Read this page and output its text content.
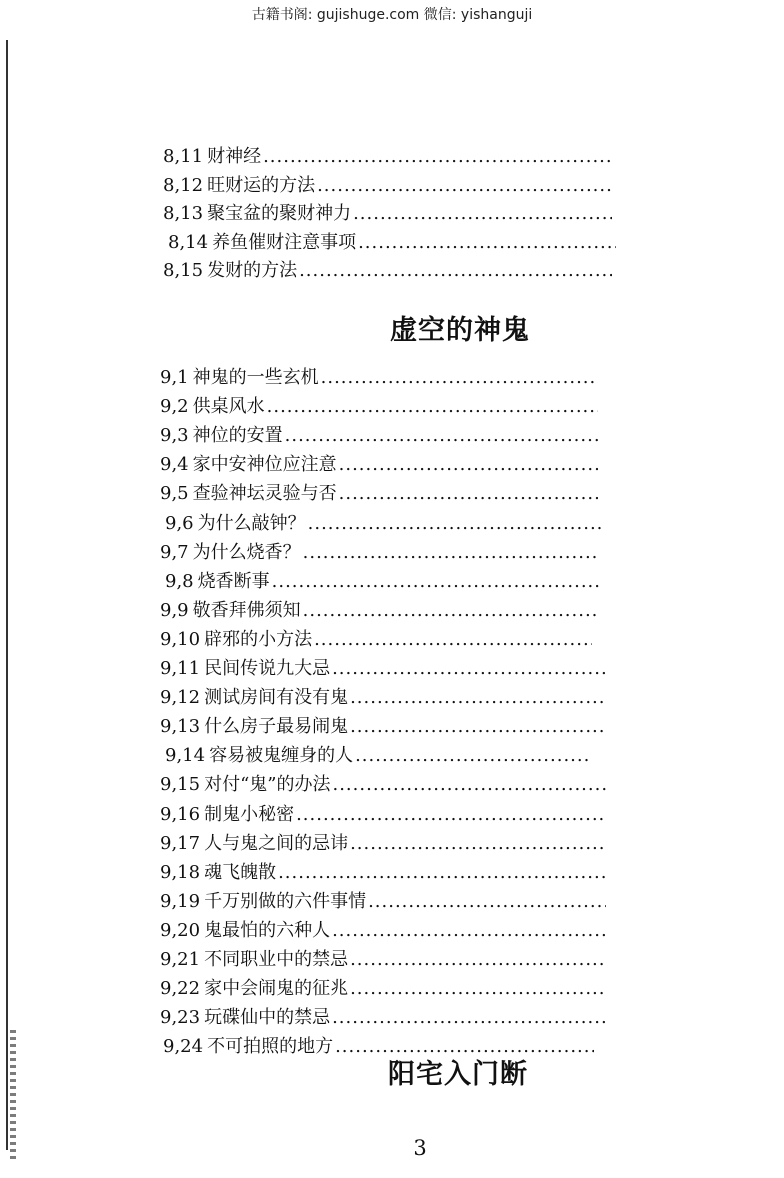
古籍书阁: gujishuge.com 微信: yishanguji
8,11 财神经
.....
8,12 旺财运的方法
.....
8,13 聚宝盆的聚财神力
.....
8,14 养鱼催财注意事项
.....
8,15 发财的方法
.....
虚空的神鬼
9,1 神鬼的一些玄机
.....
9,2 供桌风水
.....
9,3 神位的安置
.....
9,4 家中安神位应注意
.....
9,5 查验神坛灵验与否
.....
9,6 为什么敲钟？
.....
9,7 为什么烧香？
.....
9,8 烧香断事
.....
9,9 敬香拜佛须知
.....
9,10 辟邪的小方法
.....
9,11 民间传说九大忌
.....
9,12 测试房间有没有鬼
.....
9,13 什么房子最易闹鬼
.....
9,14 容易被鬼缠身的人
.....
9,15 对付“鬼”的办法
.....
9,16 制鬼小秘密
.....
9,17 人与鬼之间的忌讳
.....
9,18 魂飞魄散
.....
9,19 千万别做的六件事情
.....
9,20 鬼最怕的六种人
.....
9,21 不同职业中的禁忌
.....
9,22 家中会闹鬼的征兆
.....
9,23 玩碟仙中的禁忌
.....
9,24 不可拍照的地方
.....
阳宅入门断
3
